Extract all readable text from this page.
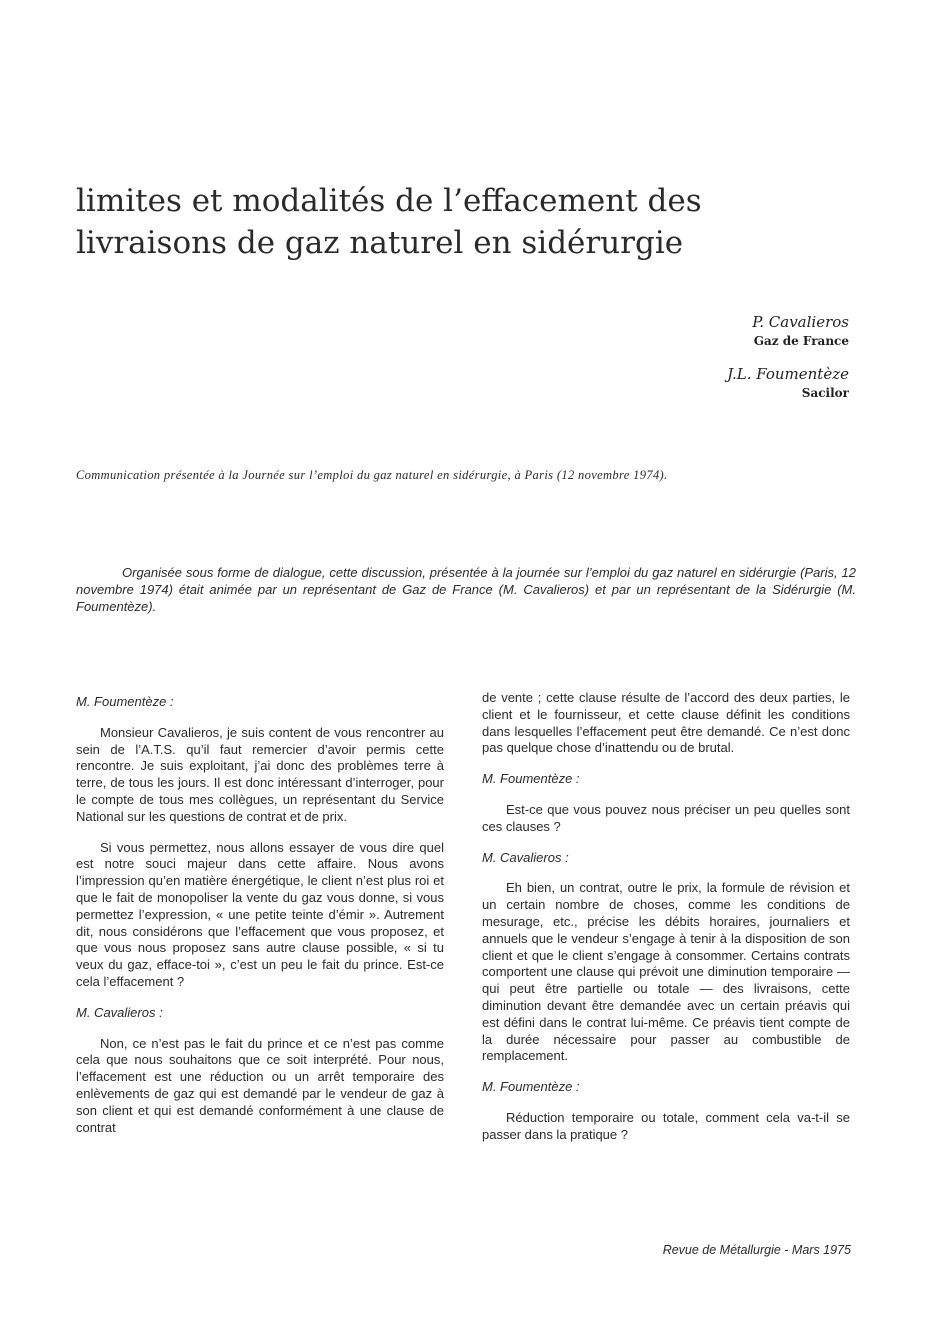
limites et modalités de l’effacement des
livraisons de gaz naturel en sidérurgie
P. Cavalieros
Gaz de France
J.L. Foumentèze
Sacilor
Communication présentée à la Journée sur l’emploi du gaz naturel en sidérurgie, à Paris (12 novembre 1974).

Organisée sous forme de dialogue, cette discussion, présentée à la journée sur l’emploi du gaz naturel en sidérurgie (Paris, 12 novembre 1974) était animée par un représentant de Gaz de France (M. Cavalieros) et par un représentant de la Sidérurgie (M. Foumentèze).

M. Foumentèze :

Monsieur Cavalieros, je suis content de vous rencontrer au sein de l’A.T.S. qu’il faut remercier d’avoir permis cette rencontre. Je suis exploitant, j’ai donc des problèmes terre à terre, de tous les jours. Il est donc intéressant d’interroger, pour le compte de tous mes collègues, un représentant du Service National sur les questions de contrat et de prix.

Si vous permettez, nous allons essayer de vous dire quel est notre souci majeur dans cette affaire. Nous avons l’impression qu’en matière énergétique, le client n’est plus roi et que le fait de monopoliser la vente du gaz vous donne, si vous permettez l’expression, « une petite teinte d’émir ». Autrement dit, nous considérons que l’effacement que vous proposez, et que vous nous proposez sans autre clause possible, « si tu veux du gaz, efface-toi », c’est un peu le fait du prince. Est-ce cela l’effacement ?

M. Cavalieros :

Non, ce n’est pas le fait du prince et ce n’est pas comme cela que nous souhaitons que ce soit interprété. Pour nous, l’effacement est une réduction ou un arrêt temporaire des enlèvements de gaz qui est demandé par le vendeur de gaz à son client et qui est demandé conformément à une clause de contrat

de vente ; cette clause résulte de l’accord des deux parties, le client et le fournisseur, et cette clause définit les conditions dans lesquelles l’effacement peut être demandé. Ce n’est donc pas quelque chose d’inattendu ou de brutal.

M. Foumentèze :

Est-ce que vous pouvez nous préciser un peu quelles sont ces clauses ?

M. Cavalieros :

Eh bien, un contrat, outre le prix, la formule de révision et un certain nombre de choses, comme les conditions de mesurage, etc., précise les débits horaires, journaliers et annuels que le vendeur s’engage à tenir à la disposition de son client et que le client s’engage à consommer. Certains contrats comportent une clause qui prévoit une diminution temporaire — qui peut être partielle ou totale — des livraisons, cette diminution devant être demandée avec un certain préavis qui est défini dans le contrat lui-même. Ce préavis tient compte de la durée nécessaire pour passer au combustible de remplacement.

M. Foumentèze :

Réduction temporaire ou totale, comment cela va-t-il se passer dans la pratique ?

Revue de Métallurgie - Mars 1975
